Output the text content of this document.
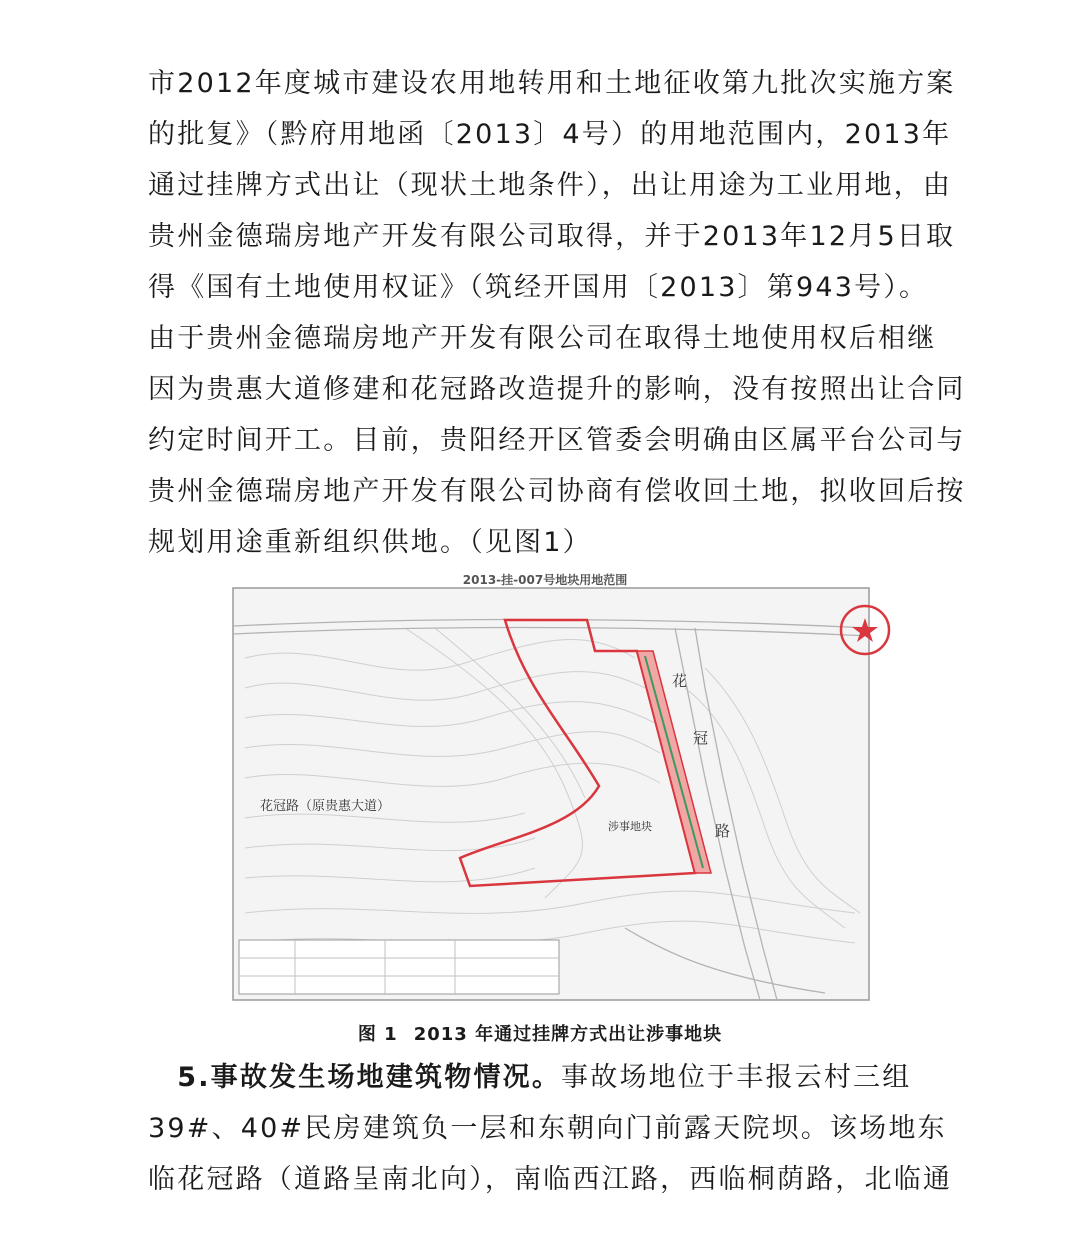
市2012年度城市建设农用地转用和土地征收第九批次实施方案
的批复》（黔府用地函〔2013〕4号）的用地范围内，2013年
通过挂牌方式出让（现状土地条件），出让用途为工业用地，由
贵州金德瑞房地产开发有限公司取得，并于2013年12月5日取
得《国有土地使用权证》（筑经开国用〔2013〕第943号）。
由于贵州金德瑞房地产开发有限公司在取得土地使用权后相继
因为贵惠大道修建和花冠路改造提升的影响，没有按照出让合同
约定时间开工。目前，贵阳经开区管委会明确由区属平台公司与
贵州金德瑞房地产开发有限公司协商有偿收回土地，拟收回后按
规划用途重新组织供地。（见图1）
2013-挂-007号地块用地范围
花冠路（原贵惠大道）
涉事地块
花
冠
路
图 1 2013 年通过挂牌方式出让涉事地块
　5.事故发生场地建筑物情况。事故场地位于丰报云村三组
39#、40#民房建筑负一层和东朝向门前露天院坝。该场地东
临花冠路（道路呈南北向），南临西江路，西临桐荫路，北临通
